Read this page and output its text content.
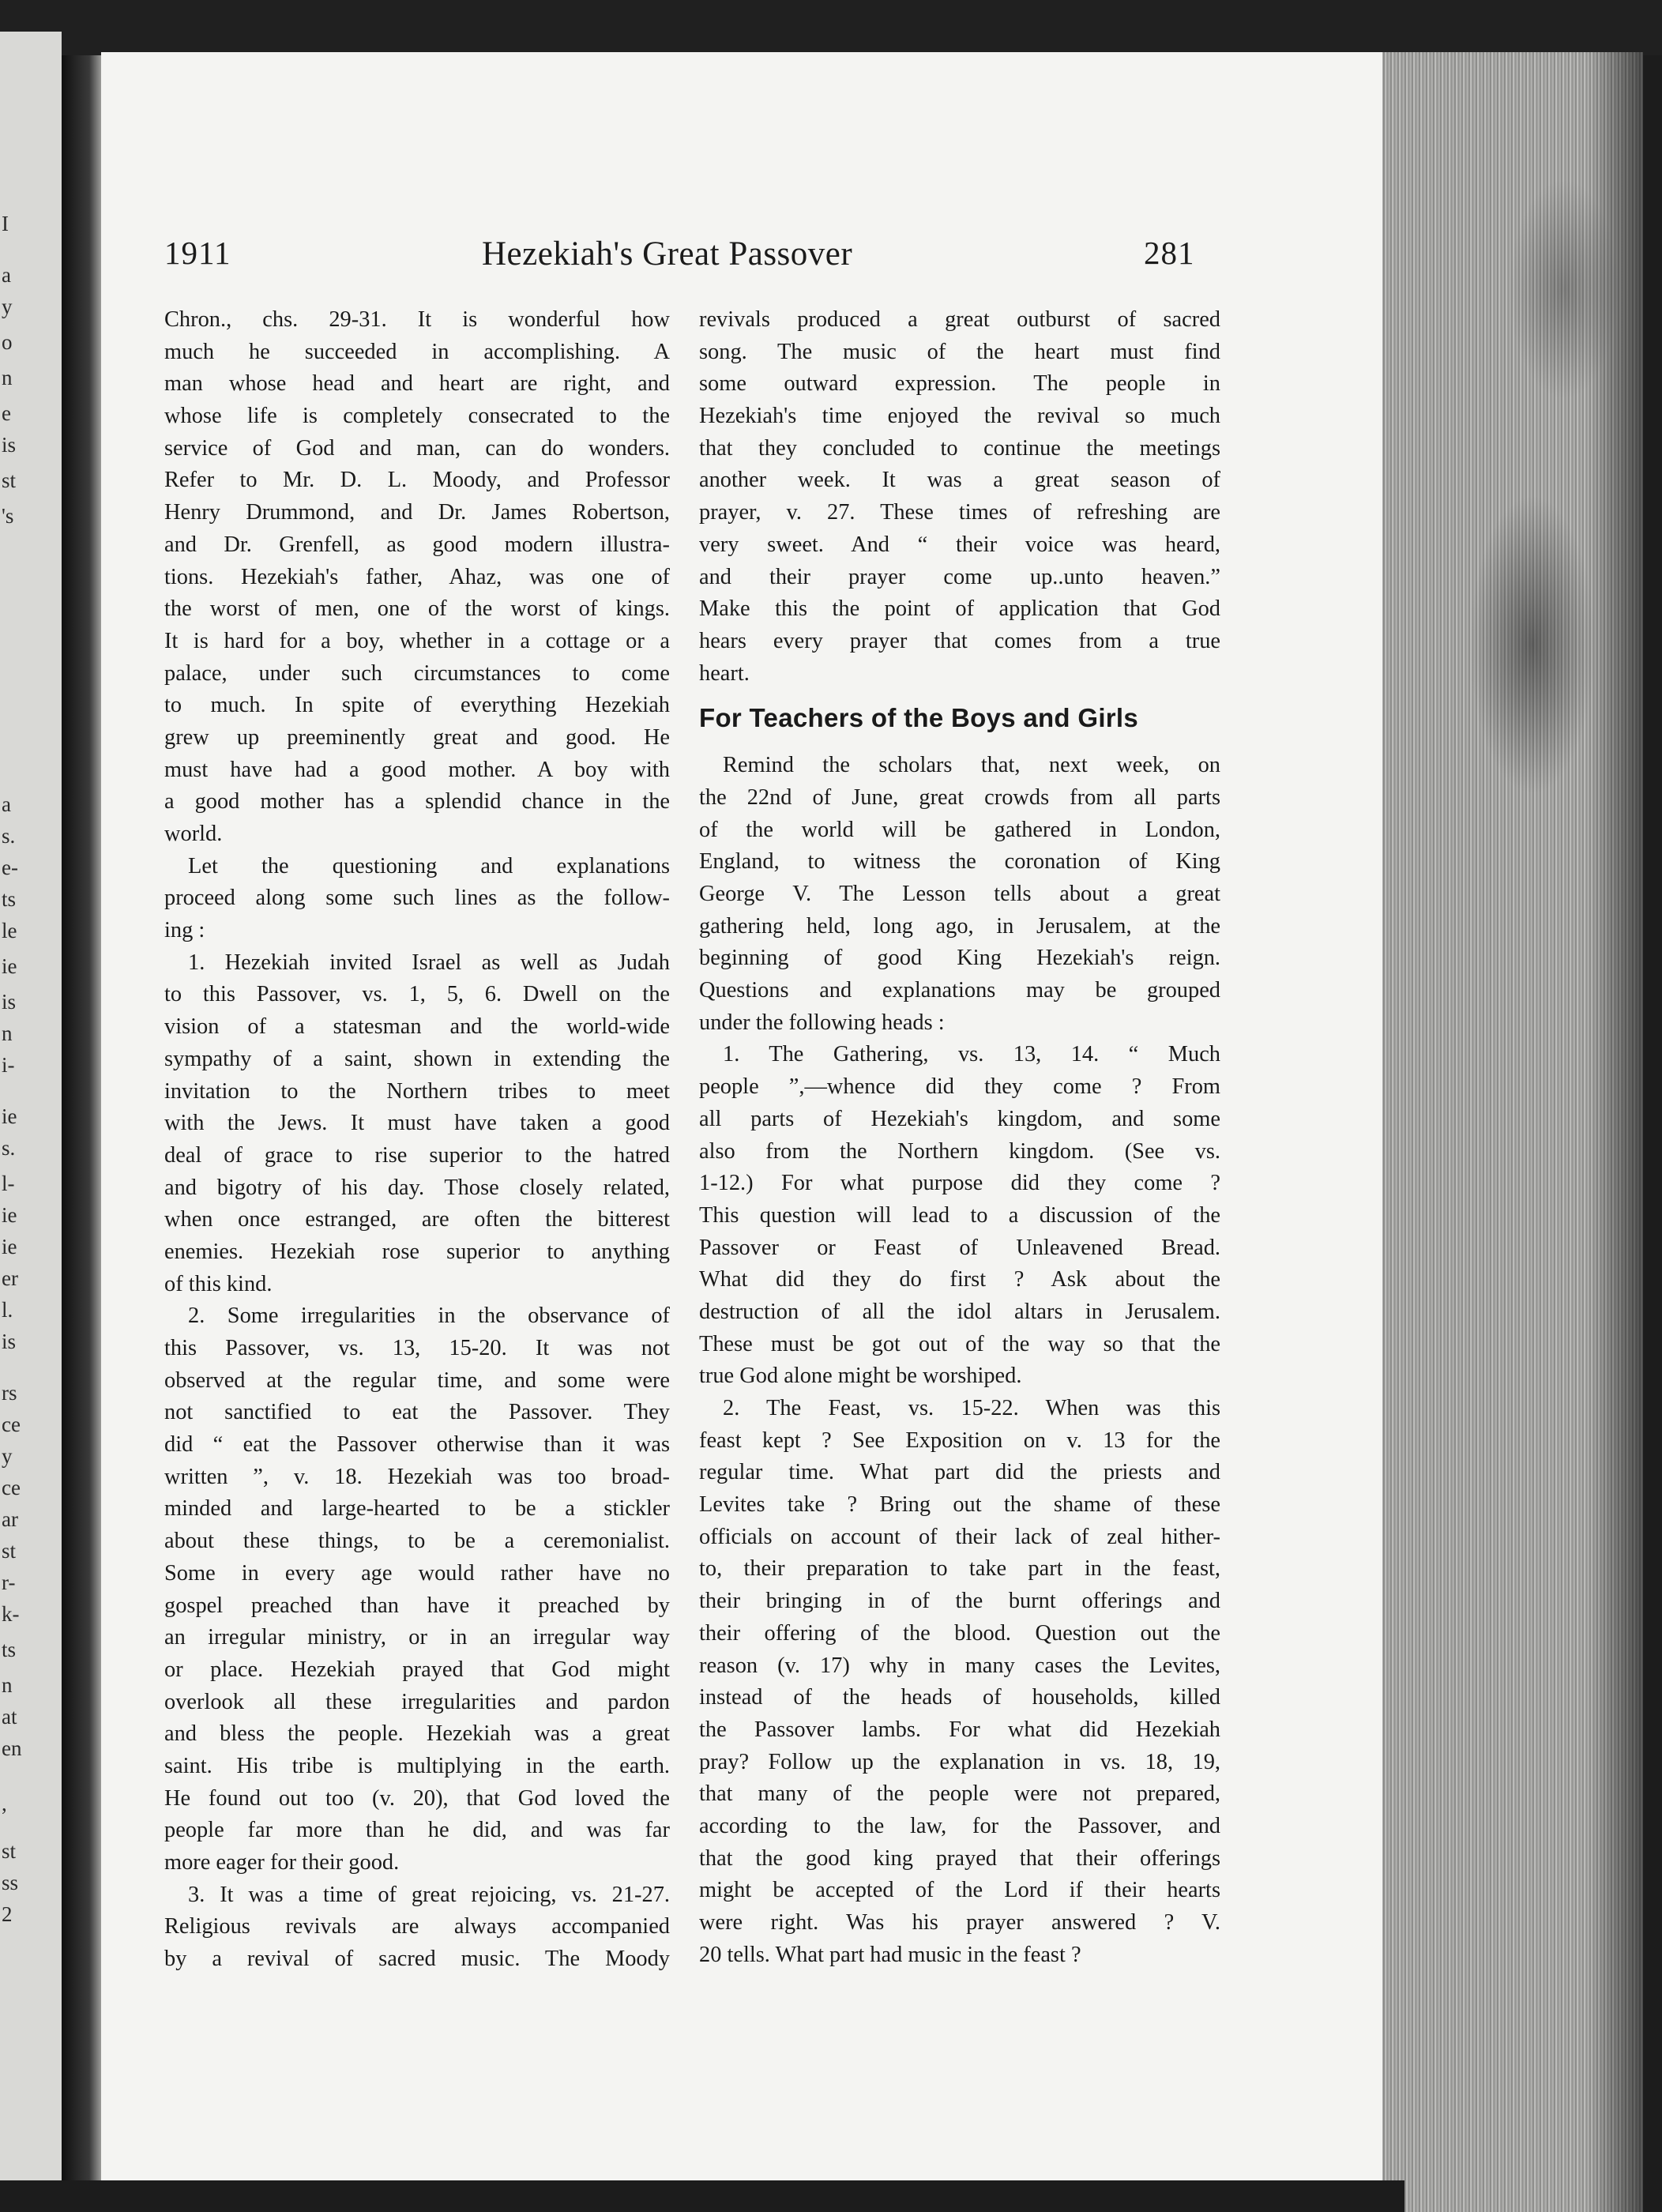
I
a
y
o
n
e
is
st
's
a
s.
e-
ts
le
ie
is
n
i-
ie
s.
l-
ie
ie
er
l.
is
rs
ce
y
ce
ar
st
r-
k-
ts
n
at
en
,
st
ss
2
1911	Hezekiah's Great Passover	281
Chron., chs. 29-31. It is wonderful how
much he succeeded in accomplishing. A
man whose head and heart are right, and
whose life is completely consecrated to the
service of God and man, can do wonders.
Refer to Mr. D. L. Moody, and Professor
Henry Drummond, and Dr. James Robertson,
and Dr. Grenfell, as good modern illustra-
tions. Hezekiah's father, Ahaz, was one of
the worst of men, one of the worst of kings.
It is hard for a boy, whether in a cottage or a
palace, under such circumstances to come
to much. In spite of everything Hezekiah
grew up preeminently great and good. He
must have had a good mother. A boy with
a good mother has a splendid chance in the
world.
Let the questioning and explanations
proceed along some such lines as the follow-
ing :
1. Hezekiah invited Israel as well as Judah
to this Passover, vs. 1, 5, 6. Dwell on the
vision of a statesman and the world-wide
sympathy of a saint, shown in extending the
invitation to the Northern tribes to meet
with the Jews. It must have taken a good
deal of grace to rise superior to the hatred
and bigotry of his day. Those closely related,
when once estranged, are often the bitterest
enemies. Hezekiah rose superior to anything
of this kind.
2. Some irregularities in the observance of
this Passover, vs. 13, 15-20. It was not
observed at the regular time, and some were
not sanctified to eat the Passover. They
did “ eat the Passover otherwise than it was
written ”, v. 18. Hezekiah was too broad-
minded and large-hearted to be a stickler
about these things, to be a ceremonialist.
Some in every age would rather have no
gospel preached than have it preached by
an irregular ministry, or in an irregular way
or place. Hezekiah prayed that God might
overlook all these irregularities and pardon
and bless the people. Hezekiah was a great
saint. His tribe is multiplying in the earth.
He found out too (v. 20), that God loved the
people far more than he did, and was far
more eager for their good.
3. It was a time of great rejoicing, vs. 21-27.
Religious revivals are always accompanied
by a revival of sacred music. The Moody
revivals produced a great outburst of sacred
song. The music of the heart must find
some outward expression. The people in
Hezekiah's time enjoyed the revival so much
that they concluded to continue the meetings
another week. It was a great season of
prayer, v. 27. These times of refreshing are
very sweet. And “ their voice was heard,
and their prayer come up..unto heaven.”
Make this the point of application that God
hears every prayer that comes from a true
heart.
For Teachers of the Boys and Girls
Remind the scholars that, next week, on
the 22nd of June, great crowds from all parts
of the world will be gathered in London,
England, to witness the coronation of King
George V. The Lesson tells about a great
gathering held, long ago, in Jerusalem, at the
beginning of good King Hezekiah's reign.
Questions and explanations may be grouped
under the following heads :
1. The Gathering, vs. 13, 14. “ Much
people ”,—whence did they come ? From
all parts of Hezekiah's kingdom, and some
also from the Northern kingdom. (See vs.
1-12.) For what purpose did they come ?
This question will lead to a discussion of the
Passover or Feast of Unleavened Bread.
What did they do first ? Ask about the
destruction of all the idol altars in Jerusalem.
These must be got out of the way so that the
true God alone might be worshiped.
2. The Feast, vs. 15-22. When was this
feast kept ? See Exposition on v. 13 for the
regular time. What part did the priests and
Levites take ? Bring out the shame of these
officials on account of their lack of zeal hither-
to, their preparation to take part in the feast,
their bringing in of the burnt offerings and
their offering of the blood. Question out the
reason (v. 17) why in many cases the Levites,
instead of the heads of households, killed
the Passover lambs. For what did Hezekiah
pray? Follow up the explanation in vs. 18, 19,
that many of the people were not prepared,
according to the law, for the Passover, and
that the good king prayed that their offerings
might be accepted of the Lord if their hearts
were right. Was his prayer answered ? V.
20 tells. What part had music in the feast ?
